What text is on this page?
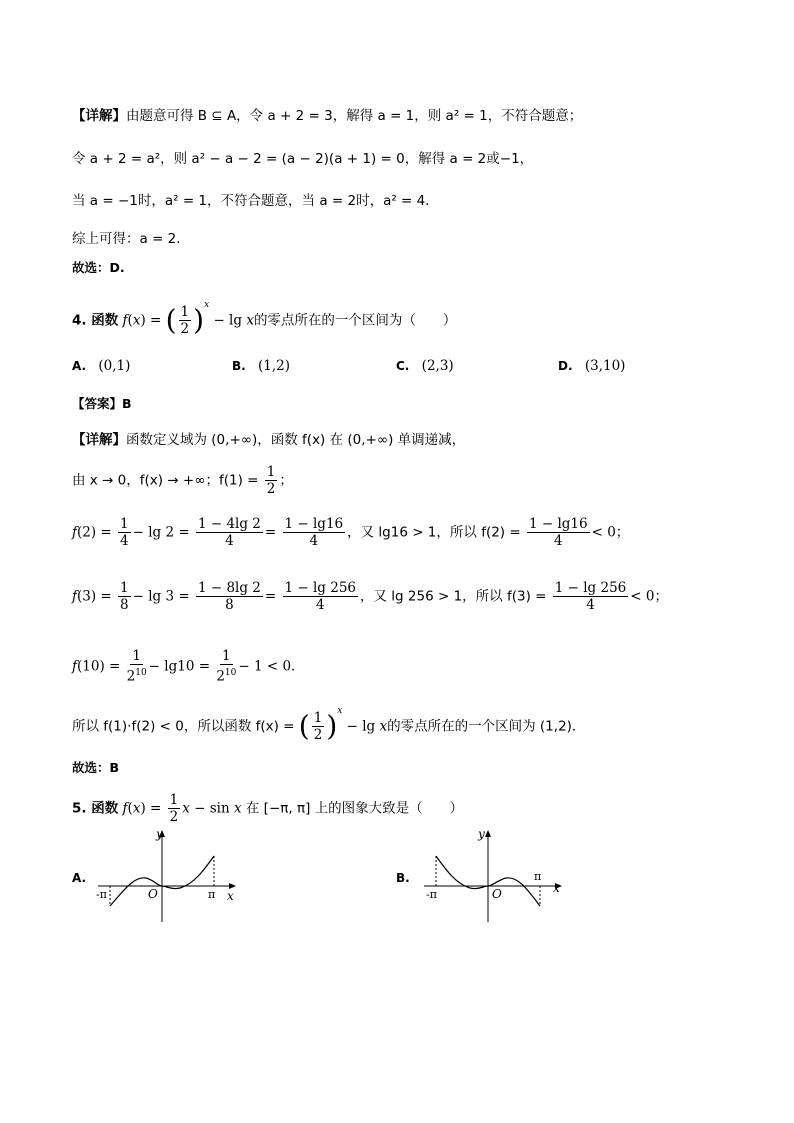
【详解】由题意可得 B ⊆ A，令 a + 2 = 3，解得 a = 1，则 a² = 1，不符合题意；
令 a + 2 = a²，则 a² − a − 2 = (a − 2)(a + 1) = 0，解得 a = 2或−1，
当 a = −1时，a² = 1，不符合题意，当 a = 2时，a² = 4．
综上可得：a = 2．
故选：D.
4. 函数 f(x) = ( $\frac{1}{2} )^x - \lg x$的零点所在的一个区间为（　　）
A. (0,1)	B. (1,2)	C. (2,3)	D. (3,10)
【答案】B
【详解】函数定义域为 (0,+∞)，函数 f(x) 在 (0,+∞) 单调递减，
由 x → 0，f(x) → +∞；$f(1) = \frac{1}{2}$ ；
$f(2) = \frac{1}{4} - \lg 2 = \frac{1 - 4\lg 2}{4} = \frac{1 - \lg 16}{4}$ ，又 lg16 > 1，所以 $f(2) = \frac{1 - \lg 16}{4} < 0$；
$f(3) = \frac{1}{8} - \lg 3 = \frac{1 - 8\lg 2}{8} = \frac{1 - \lg 256}{4}$ ，又 lg 256 > 1，所以 $f(3) = \frac{1 - \lg 256}{4} < 0$；
$f(10) = \frac{1}{2^{10}} - \lg 10 = \frac{1}{2^{10}} - 1 < 0$．
所以 f(1)·f(2) < 0，所以函数 f(x) = ( $\frac{1}{2} )^x - \lg x$的零点所在的一个区间为 (1,2)．
故选：B
5. 函数 $f(x) = \frac{1}{2}$ x − sin x 在 [−π, π] 上的图象大致是（　　）
A.
y
x
O
-π	π
B.
y
x
O
-π
π
